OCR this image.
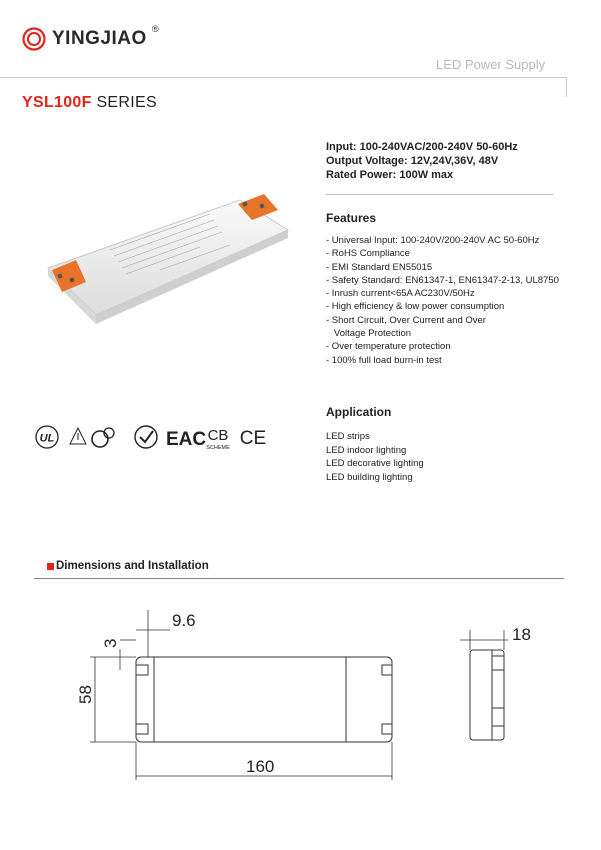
YINGJIAO ®
LED Power Supply
YSL100F SERIES
Input: 100-240VAC/200-240V 50-60Hz
Output Voltage: 12V,24V,36V, 48V
Rated Power: 100W max
Features
- Universal Input: 100-240V/200-240V AC 50-60Hz
- RoHS Compliance
- EMI Standard EN55015
- Safety Standard: EN61347-1, EN61347-2-13, UL8750
- Inrush current<65A AC230V/50Hz
- High efficiency & low power consumption
- Short Circuit, Over Current and Over
Voltage Protection
- Over temperature protection
- 100% full load burn-in test
UL	EAC CB
SCHEME CE
Application
LED strips
LED indoor lighting
LED decorative lighting
LED building lighting
Dimensions and Installation
9.6
3
58
160
18
